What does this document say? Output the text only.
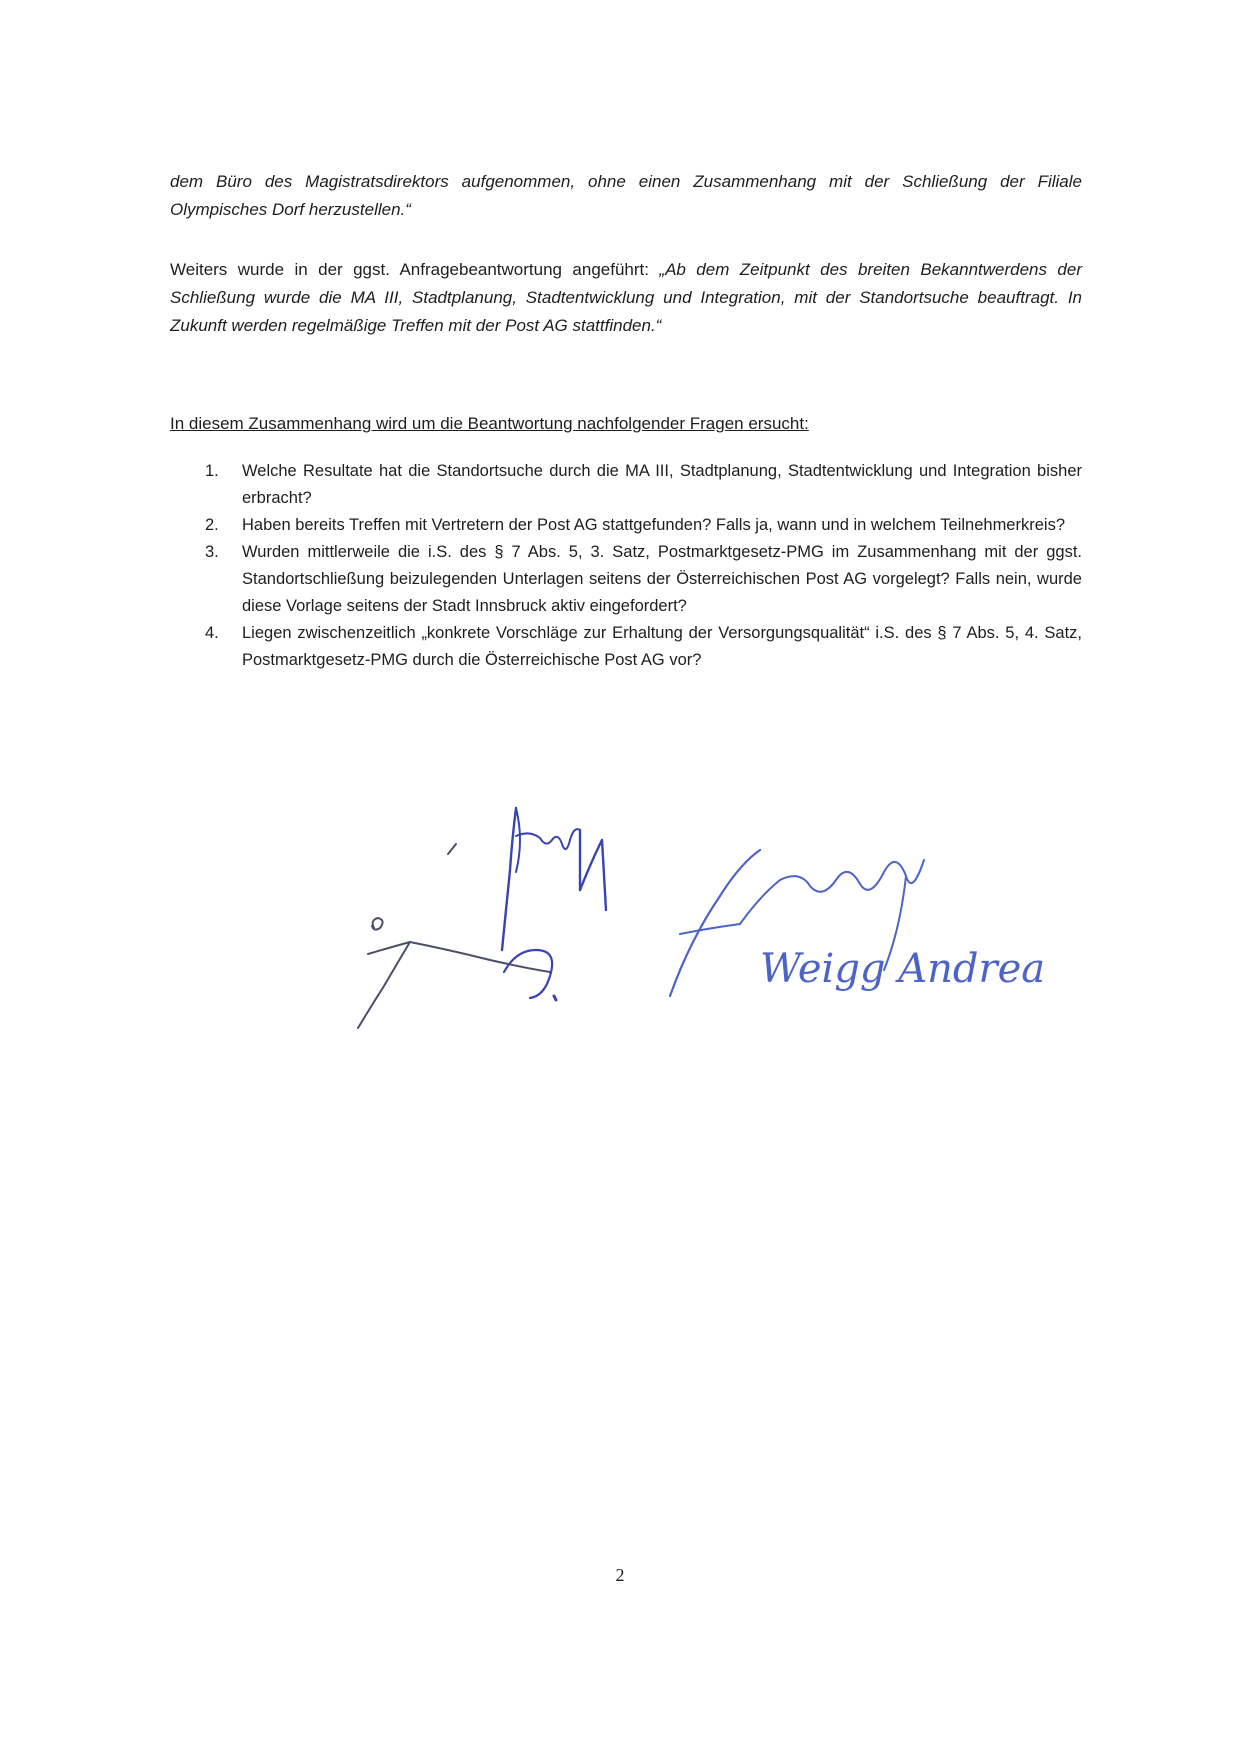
dem Büro des Magistratsdirektors aufgenommen, ohne einen Zusammenhang mit der Schließung der Filiale Olympisches Dorf herzustellen.“

Weiters wurde in der ggst. Anfragebeantwortung angeführt: „Ab dem Zeitpunkt des breiten Bekanntwerdens der Schließung wurde die MA III, Stadtplanung, Stadtentwicklung und Integration, mit der Standortsuche beauftragt. In Zukunft werden regelmäßige Treffen mit der Post AG stattfinden.“

In diesem Zusammenhang wird um die Beantwortung nachfolgender Fragen ersucht:

1. Welche Resultate hat die Standortsuche durch die MA III, Stadtplanung, Stadtentwicklung und Integration bisher erbracht?
2. Haben bereits Treffen mit Vertretern der Post AG stattgefunden? Falls ja, wann und in welchem Teilnehmerkreis?
3. Wurden mittlerweile die i.S. des § 7 Abs. 5, 3. Satz, Postmarktgesetz-PMG im Zusammenhang mit der ggst. Standortschließung beizulegenden Unterlagen seitens der Österreichischen Post AG vorgelegt? Falls nein, wurde diese Vorlage seitens der Stadt Innsbruck aktiv eingefordert?
4. Liegen zwischenzeitlich „konkrete Vorschläge zur Erhaltung der Versorgungsqualität“ i.S. des § 7 Abs. 5, 4. Satz, Postmarktgesetz-PMG durch die Österreichische Post AG vor?
Weigg Andrea
2
